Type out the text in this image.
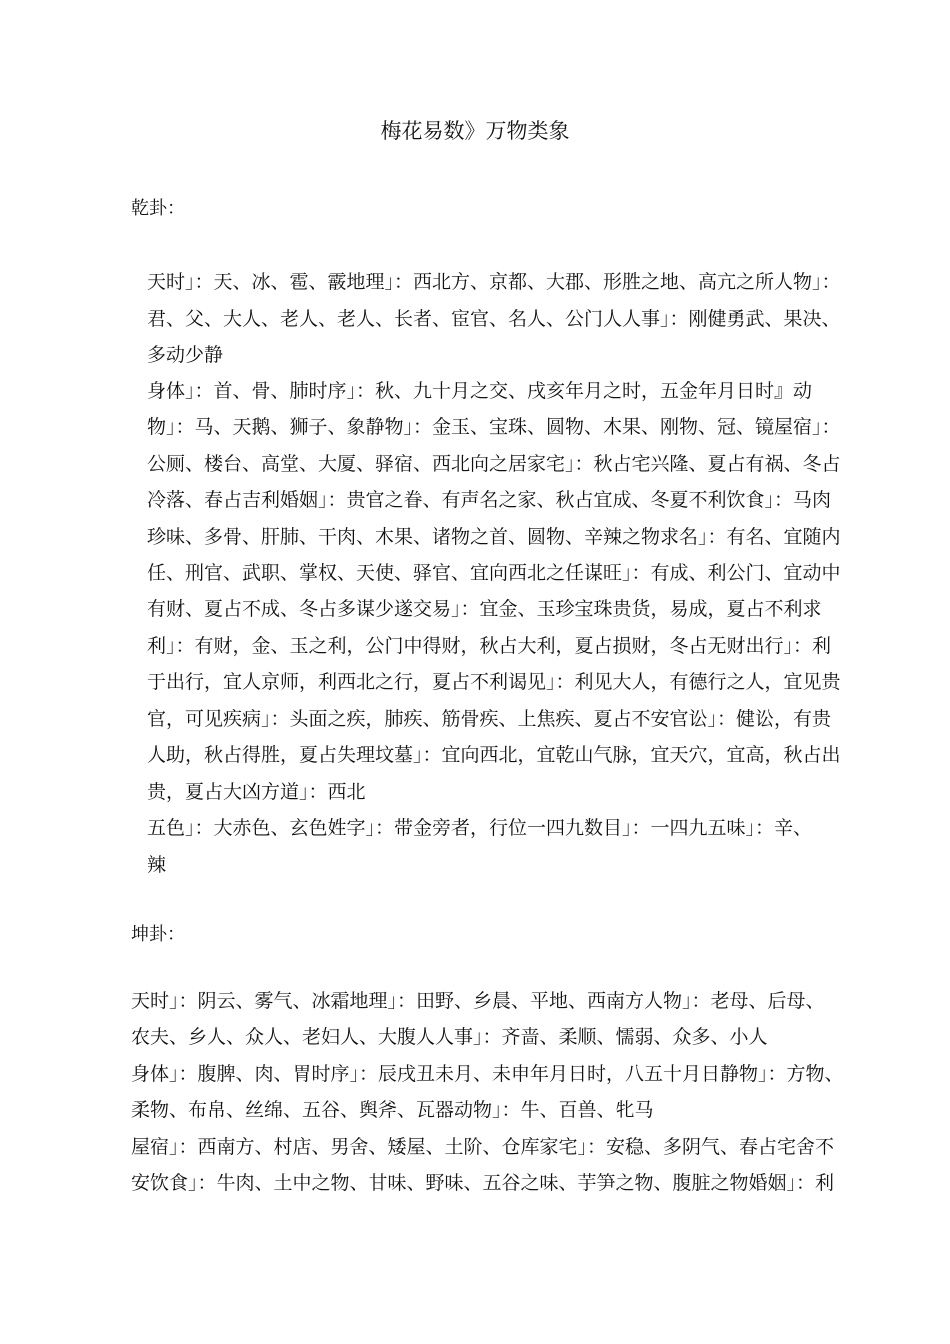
梅花易数》万物类象
乾卦：

天时」：天、冰、雹、霰地理」：西北方、京都、大郡、形胜之地、高亢之所人物」：

君、父、大人、老人、老人、长者、宦官、名人、公门人人事」：刚健勇武、果决、

多动少静

身体」：首、骨、肺时序」：秋、九十月之交、戌亥年月之时，五金年月日时』动

物」：马、天鹅、狮子、象静物」：金玉、宝珠、圆物、木果、刚物、冠、镜屋宿」：

公厕、楼台、高堂、大厦、驿宿、西北向之居家宅」：秋占宅兴隆、夏占有祸、冬占

冷落、春占吉利婚姻」：贵官之眷、有声名之家、秋占宜成、冬夏不利饮食」：马肉

珍味、多骨、肝肺、干肉、木果、诸物之首、圆物、辛辣之物求名」：有名、宜随内

任、刑官、武职、掌权、天使、驿官、宜向西北之任谋旺」：有成、利公门、宜动中

有财、夏占不成、冬占多谋少遂交易」：宜金、玉珍宝珠贵货，易成，夏占不利求

利」：有财，金、玉之利，公门中得财，秋占大利，夏占损财，冬占无财出行」：利

于出行，宜人京师，利西北之行，夏占不利谒见」：利见大人，有德行之人，宜见贵

官，可见疾病」：头面之疾，肺疾、筋骨疾、上焦疾、夏占不安官讼」：健讼，有贵

人助，秋占得胜，夏占失理坟墓」：宜向西北，宜乾山气脉，宜天穴，宜高，秋占出

贵，夏占大凶方道」：西北

五色」：大赤色、玄色姓字」：带金旁者，行位一四九数目」：一四九五味」：辛、

辣

坤卦：

天时」：阴云、雾气、冰霜地理」：田野、乡晨、平地、西南方人物」：老母、后母、

农夫、乡人、众人、老妇人、大腹人人事」：齐啬、柔顺、懦弱、众多、小人

身体」：腹脾、肉、胃时序」：辰戌丑未月、未申年月日时，八五十月日静物」：方物、

柔物、布帛、丝绵、五谷、舆斧、瓦器动物」：牛、百兽、牝马

屋宿」：西南方、村店、男舍、矮屋、土阶、仓库家宅」：安稳、多阴气、春占宅舍不

安饮食」：牛肉、土中之物、甘味、野味、五谷之味、芋笋之物、腹脏之物婚姻」：利
